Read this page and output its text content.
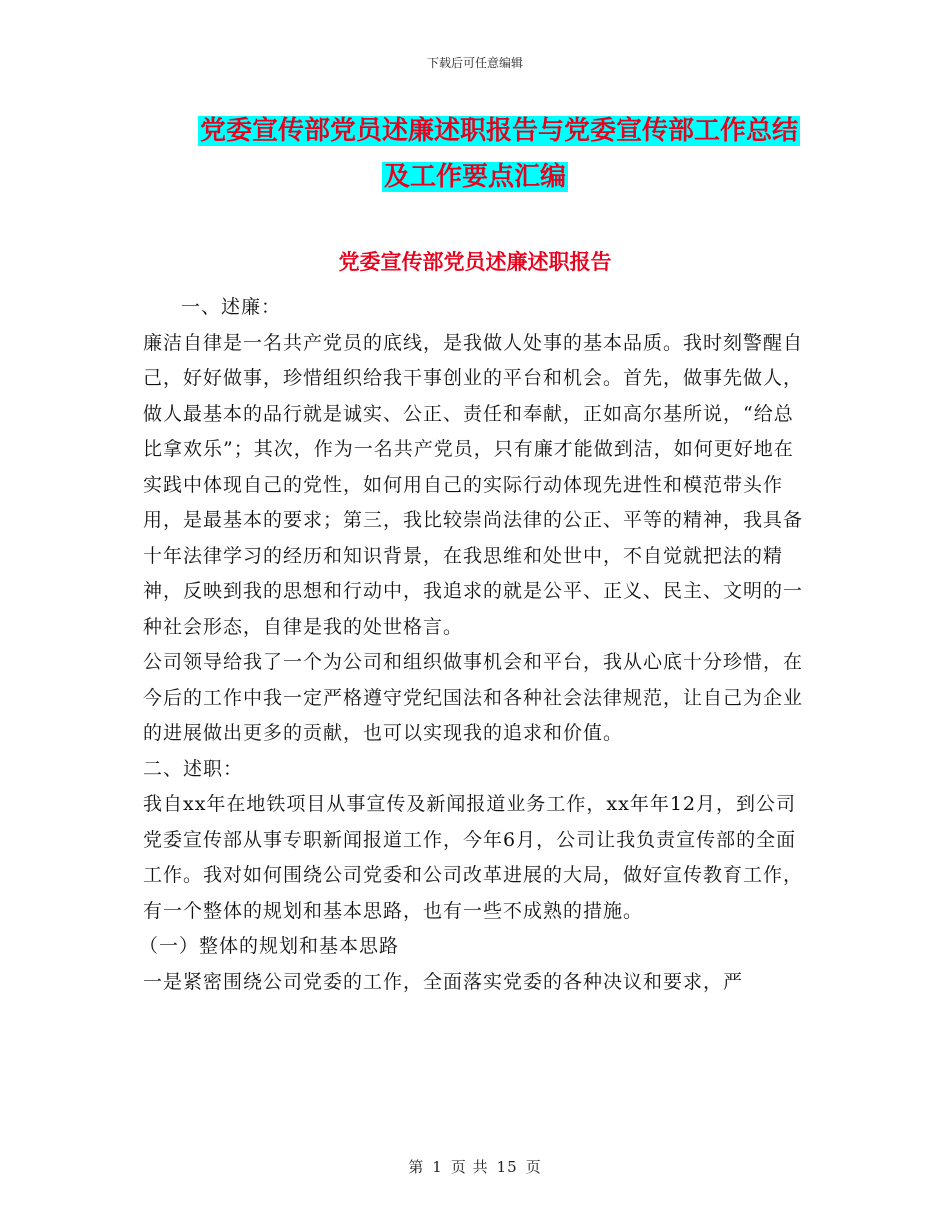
下载后可任意编辑
党委宣传部党员述廉述职报告与党委宣传部工作总结
及工作要点汇编
党委宣传部党员述廉述职报告

一、述廉：

廉洁自律是一名共产党员的底线，是我做人处事的基本品质。我时刻警醒自己，好好做事，珍惜组织给我干事创业的平台和机会。首先，做事先做人，做人最基本的品行就是诚实、公正、责任和奉献，正如高尔基所说，“给总比拿欢乐”；其次，作为一名共产党员，只有廉才能做到洁，如何更好地在实践中体现自己的党性，如何用自己的实际行动体现先进性和模范带头作用，是最基本的要求；第三，我比较崇尚法律的公正、平等的精神，我具备十年法律学习的经历和知识背景，在我思维和处世中，不自觉就把法的精神，反映到我的思想和行动中，我追求的就是公平、正义、民主、文明的一种社会形态，自律是我的处世格言。

公司领导给我了一个为公司和组织做事机会和平台，我从心底十分珍惜，在今后的工作中我一定严格遵守党纪国法和各种社会法律规范，让自己为企业的进展做出更多的贡献，也可以实现我的追求和价值。

二、述职：

我自xx年在地铁项目从事宣传及新闻报道业务工作，xx年年12月，到公司党委宣传部从事专职新闻报道工作，今年6月，公司让我负责宣传部的全面工作。我对如何围绕公司党委和公司改革进展的大局，做好宣传教育工作，有一个整体的规划和基本思路，也有一些不成熟的措施。

（一）整体的规划和基本思路

一是紧密围绕公司党委的工作，全面落实党委的各种决议和要求，严

第 1 页 共 15 页
